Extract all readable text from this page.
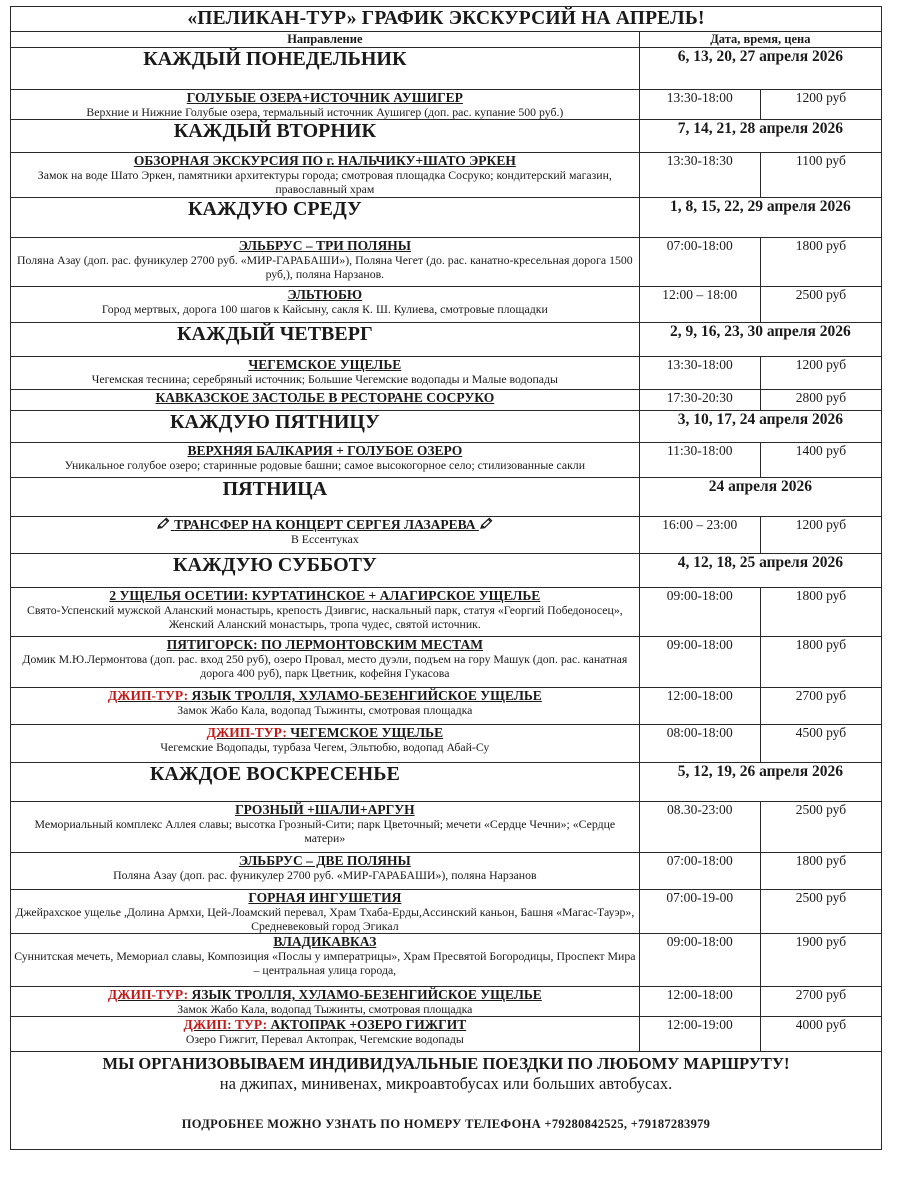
«ПЕЛИКАН-ТУР» ГРАФИК ЭКСКУРСИЙ НА АПРЕЛЬ!		
Направление	Дата, время, цена	
КАЖДЫЙ ПОНЕДЕЛЬНИК	6, 13, 20, 27 апреля 2026	

ГОЛУБЫЕ ОЗЕРА+ИСТОЧНИК АУШИГЕР
Верхние и Нижние Голубые озера, термальный источник Аушигер (доп. рас. купание 500 руб.)	13:30-18:00	1200 руб
КАЖДЫЙ ВТОРНИК	7, 14, 21, 28 апреля 2026	

ОБЗОРНАЯ ЭКСКУРСИЯ ПО г. НАЛЬЧИКУ+ШАТО ЭРКЕН
Замок на воде Шато Эркен, памятники архитектуры города; смотровая площадка Сосруко; кондитерский магазин, православный храм	13:30-18:30	1100 руб
КАЖДУЮ СРЕДУ	1, 8, 15, 22, 29 апреля 2026	

ЭЛЬБРУС – ТРИ ПОЛЯНЫ
Поляна Азау (доп. рас. фуникулер 2700 руб. «МИР-ГАРАБАШИ»), Поляна Чегет (до. рас. канатно-кресельная дорога 1500 руб,), поляна Нарзанов.	07:00-18:00	1800 руб

ЭЛЬТЮБЮ
Город мертвых, дорога 100 шагов к Кайсыну, сакля К. Ш. Кулиева, смотровые площадки	12:00 – 18:00	2500 руб
КАЖДЫЙ ЧЕТВЕРГ	2, 9, 16, 23, 30 апреля 2026	

ЧЕГЕМСКОЕ УЩЕЛЬЕ
Чегемская теснина; серебряный источник; Большие Чегемские водопады и Малые водопады	13:30-18:00	1200 руб

КАВКАЗСКОЕ ЗАСТОЛЬЕ В РЕСТОРАНЕ СОСРУКО	17:30-20:30	2800 руб
КАЖДУЮ ПЯТНИЦУ	3, 10, 17, 24 апреля 2026	

ВЕРХНЯЯ БАЛКАРИЯ + ГОЛУБОЕ ОЗЕРО
Уникальное голубое озеро; старинные родовые башни; самое высокогорное село; стилизованные сакли	11:30-18:00	1400 руб
ПЯТНИЦА	24 апреля 2026	

ТРАНСФЕР НА КОНЦЕРТ СЕРГЕЯ ЛАЗАРЕВА
В Ессентуках	16:00 – 23:00	1200 руб
КАЖДУЮ СУББОТУ	4, 12, 18, 25 апреля 2026	

2 УЩЕЛЬЯ ОСЕТИИ: КУРТАТИНСКОЕ + АЛАГИРСКОЕ УЩЕЛЬЕ
Свято-Успенский мужской Аланский монастырь, крепость Дзивгис, наскальный парк, статуя «Георгий Победоносец», Женский Аланский монастырь, тропа чудес, святой источник.	09:00-18:00	1800 руб

ПЯТИГОРСК: ПО ЛЕРМОНТОВСКИМ МЕСТАМ
Домик М.Ю.Лермонтова (доп. рас. вход 250 руб), озеро Провал, место дуэли, подъем на гору Машук (доп. рас. канатная дорога 400 руб), парк Цветник, кофейня Гукасова	09:00-18:00	1800 руб

ДЖИП-ТУР: ЯЗЫК ТРОЛЛЯ, ХУЛАМО-БЕЗЕНГИЙСКОЕ УЩЕЛЬЕ
Замок Жабо Кала, водопад Тыжинты, смотровая площадка	12:00-18:00	2700 руб

ДЖИП-ТУР: ЧЕГЕМСКОЕ УЩЕЛЬЕ
Чегемские Водопады, турбаза Чегем, Эльтюбю, водопад Абай-Су	08:00-18:00	4500 руб
КАЖДОЕ ВОСКРЕСЕНЬЕ	5, 12, 19, 26 апреля 2026	

ГРОЗНЫЙ +ШАЛИ+АРГУН
Мемориальный комплекс Аллея славы; высотка Грозный-Сити; парк Цветочный; мечети «Сердце Чечни»; «Сердце матери»	08.30-23:00	2500 руб

ЭЛЬБРУС – ДВЕ ПОЛЯНЫ
Поляна Азау (доп. рас. фуникулер 2700 руб. «МИР-ГАРАБАШИ»), поляна Нарзанов	07:00-18:00	1800 руб

ГОРНАЯ ИНГУШЕТИЯ
Джейрахское ущелье ,Долина Армхи, Цей-Лоамский перевал, Храм Тхаба-Ерды,Ассинский каньон, Башня «Магас-Тауэр», Средневековый город Эгикал	07:00-19-00	2500 руб

ВЛАДИКАВКАЗ
Суннитская мечеть, Мемориал славы, Композиция «Послы у императрицы», Храм Пресвятой Богородицы, Проспект Мира – центральная улица города,	09:00-18:00	1900 руб

ДЖИП-ТУР: ЯЗЫК ТРОЛЛЯ, ХУЛАМО-БЕЗЕНГИЙСКОЕ УЩЕЛЬЕ
Замок Жабо Кала, водопад Тыжинты, смотровая площадка	12:00-18:00	2700 руб

ДЖИП: ТУР: АКТОПРАК +ОЗЕРО ГИЖГИТ
Озеро Гижгит, Перевал Актопрак, Чегемские водопады	12:00-19:00	4000 руб

МЫ ОРГАНИЗОВЫВАЕМ ИНДИВИДУАЛЬНЫЕ ПОЕЗДКИ ПО ЛЮБОМУ МАРШРУТУ!
на джипах, минивенах, микроавтобусах или больших автобусах.
ПОДРОБНЕЕ МОЖНО УЗНАТЬ ПО НОМЕРУ ТЕЛЕФОНА +79280842525, +79187283979		
